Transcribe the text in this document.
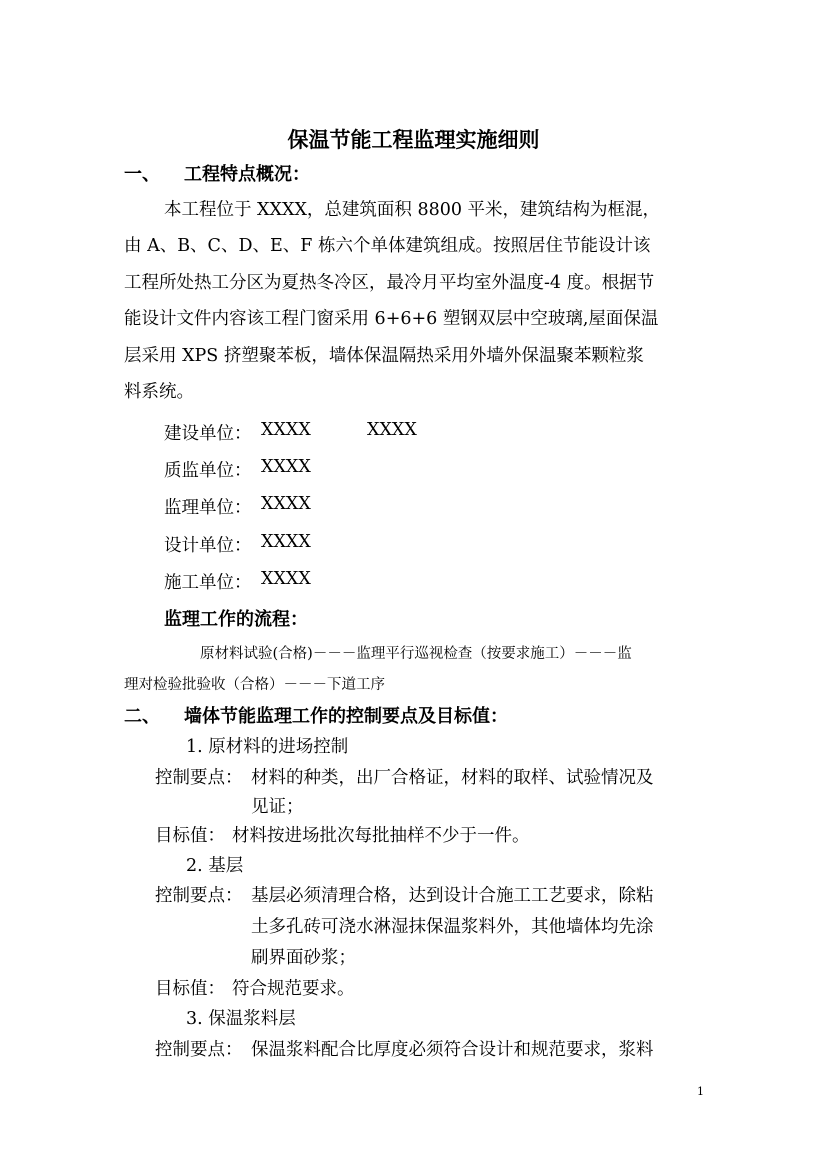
保温节能工程监理实施细则
一、 工程特点概况：
本工程位于 XXXX，总建筑面积 8800 平米，建筑结构为框混，
由 A、B、C、D、E、F 栋六个单体建筑组成。按照居住节能设计该
工程所处热工分区为夏热冬冷区，最冷月平均室外温度-4 度。根据节
能设计文件内容该工程门窗采用 6+6+6 塑钢双层中空玻璃,屋面保温
层采用 XPS 挤塑聚苯板，墙体保温隔热采用外墙外保温聚苯颗粒浆
料系统。
建设单位： XXXX	XXXX
质监单位： XXXX
监理单位： XXXX
设计单位： XXXX
施工单位： XXXX
监理工作的流程：
原材料试验(合格)－－－监理平行巡视检查（按要求施工）－－－监
理对检验批验收（合格）－－－下道工序
二、 墙体节能监理工作的控制要点及目标值：
1. 原材料的进场控制
控制要点： 材料的种类，出厂合格证，材料的取样、试验情况及
见证；
目标值： 材料按进场批次每批抽样不少于一件。
2. 基层
控制要点： 基层必须清理合格，达到设计合施工工艺要求，除粘
土多孔砖可浇水淋湿抹保温浆料外，其他墙体均先涂
刷界面砂浆；
目标值： 符合规范要求。
3. 保温浆料层
控制要点： 保温浆料配合比厚度必须符合设计和规范要求，浆料
1
